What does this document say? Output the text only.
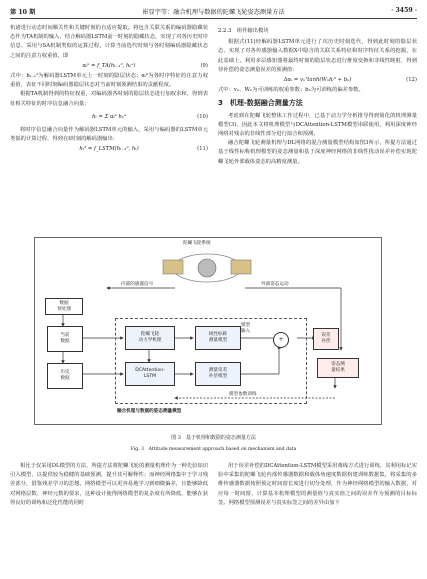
第 10 期	崔显宇等：融合机理与数据的陀螺飞轮姿态测量方法	· 3459 ·

机诸进行动态时间顺关性和关键时刻的自适应提取。将包含关联关系的编码器隐藏状态作为TA机制的输入，结合解码器LSTM前一时刻的隐藏状态，实现了对各历史时序信息、采用与SA机制类似的运算过程，计算当前选代时刻与各时刻编码器隐藏状态之间的注意力权重值，即

αₜᵏ = f_TA(hₜ₋₁ᵈ, hₖᵉ)	(9)

式中：hₜ₋₁ᵈ为解码器LSTM单元上一时刻的隐层状态；αₜᵏ为各时序特征的注意力权重值，表征不同时刻编码器隐层状态对当前时刻预测结果的贡献程度。

根据TA机制得到的特征权重，对编码器各时刻的隐层状态进行加权求和，得到表征相关特征的时序信息融合向量：

hₜ = Σ αₜᵏ hₖᵉ	(10)

将时序信息融合向量作为解码器LSTM单元的输入，采用与编码器的LSTM单元类似的计算过程，得到在t时刻的解码器输出：

hₜᵈ = f_LSTM(hₜ₋₁ᵈ, hₜ)	(11)
2.2.3　组件输出模块

根据式(11)经解码器LSTM单元进行了次历史时刻迭代，得到此时刻的隐层状态，实现了对各传感器输入数据X中隐含的关联关系特征和时序特征关系的挖掘，在此基础上，利用多层感知器将最终时刻的隐层状态进行维度变换和非线性映射，得到待补偿的姿态测量误差的预测值：

Δαᵢ = vₙᵀtanh(Wₙhₜᵈ + bₙ)	(12)

式中：vₙ、Wₙ为可训练的权重参数；bₙ为可训练的偏差参数。

3　机理-数据融合测量方法

考虑到在陀螺飞轮整体工作过程中，已基于动力学分析推导得到简化的机理测量模型(3)，因此本文将机理模型与DCAttention-LSTM模型串联使用，利用深度神经网络对残余的非线性部分进行拟合和预测。

融合陀螺飞轮测量机理与DL网络的混合测量模型结构如图3所示，所提方法通过基于线性标称机理模型的姿态测量和基于深度神经网络的非线性扰动误差补偿实现陀螺飞轮外部载体姿态的高精度测量。

陀螺飞轮系统
内部的感器信号	外部姿态运动
数据
预处理
当前
数据
历史
数据
陀螺飞轮
动力学机理
线性标称
测量模型
DCAttention-
LSTM
测量误差
补偿模型
模型
输入
+
误差
补偿
姿态测
量结果
模型参数训练
融合机理与数据的姿态测量模型
图 3　基于机理和数据的姿态测量方法
Fig. 3　Attitude measurement approach based on mechanism and data

相比于仅采用DL模型的方法，所提方法将陀螺飞轮的测量机理作为一种先验知识引入模型，以提供较为稳健的基础预测，提升其可解释性；而神经网络集中于学习残差部分，借鉴残差学习的思想，网络模型可以更容易地学习到细微偏差，且能够降低对网络层数、神经元数的要求，这种设计使得网络模型的复杂度有所降低，能够在获得良好的训练和泛化性能的同时

用于误差补偿的DCAttention-LSTM模型采用离线方式进行训练，其利用标记实验中采集的陀螺飞轮内部传感器数据和载体角速度数据构建训练数据集，将采集的多维传感器数据按照预定时间窗长度进行切分处理，作为神经网络模型的输入数据，对应每一时间窗，计算基本机理模型的测量值与真实值之间的误差作为预测的目标标签。网络模型预测误差与真实标签之间的差异由加下
